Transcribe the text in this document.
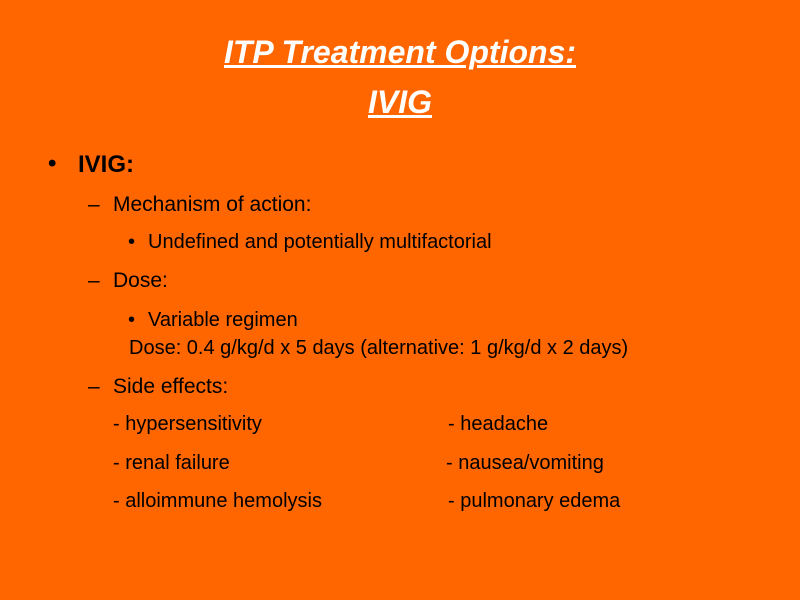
ITP Treatment Options:
IVIG
• IVIG:
– Mechanism of action:
• Undefined and potentially multifactorial
– Dose:
• Variable regimen
Dose: 0.4 g/kg/d x 5 days (alternative: 1 g/kg/d x 2 days)
– Side effects:
- hypersensitivity	- headache
- renal failure	- nausea/vomiting
- alloimmune hemolysis	- pulmonary edema
